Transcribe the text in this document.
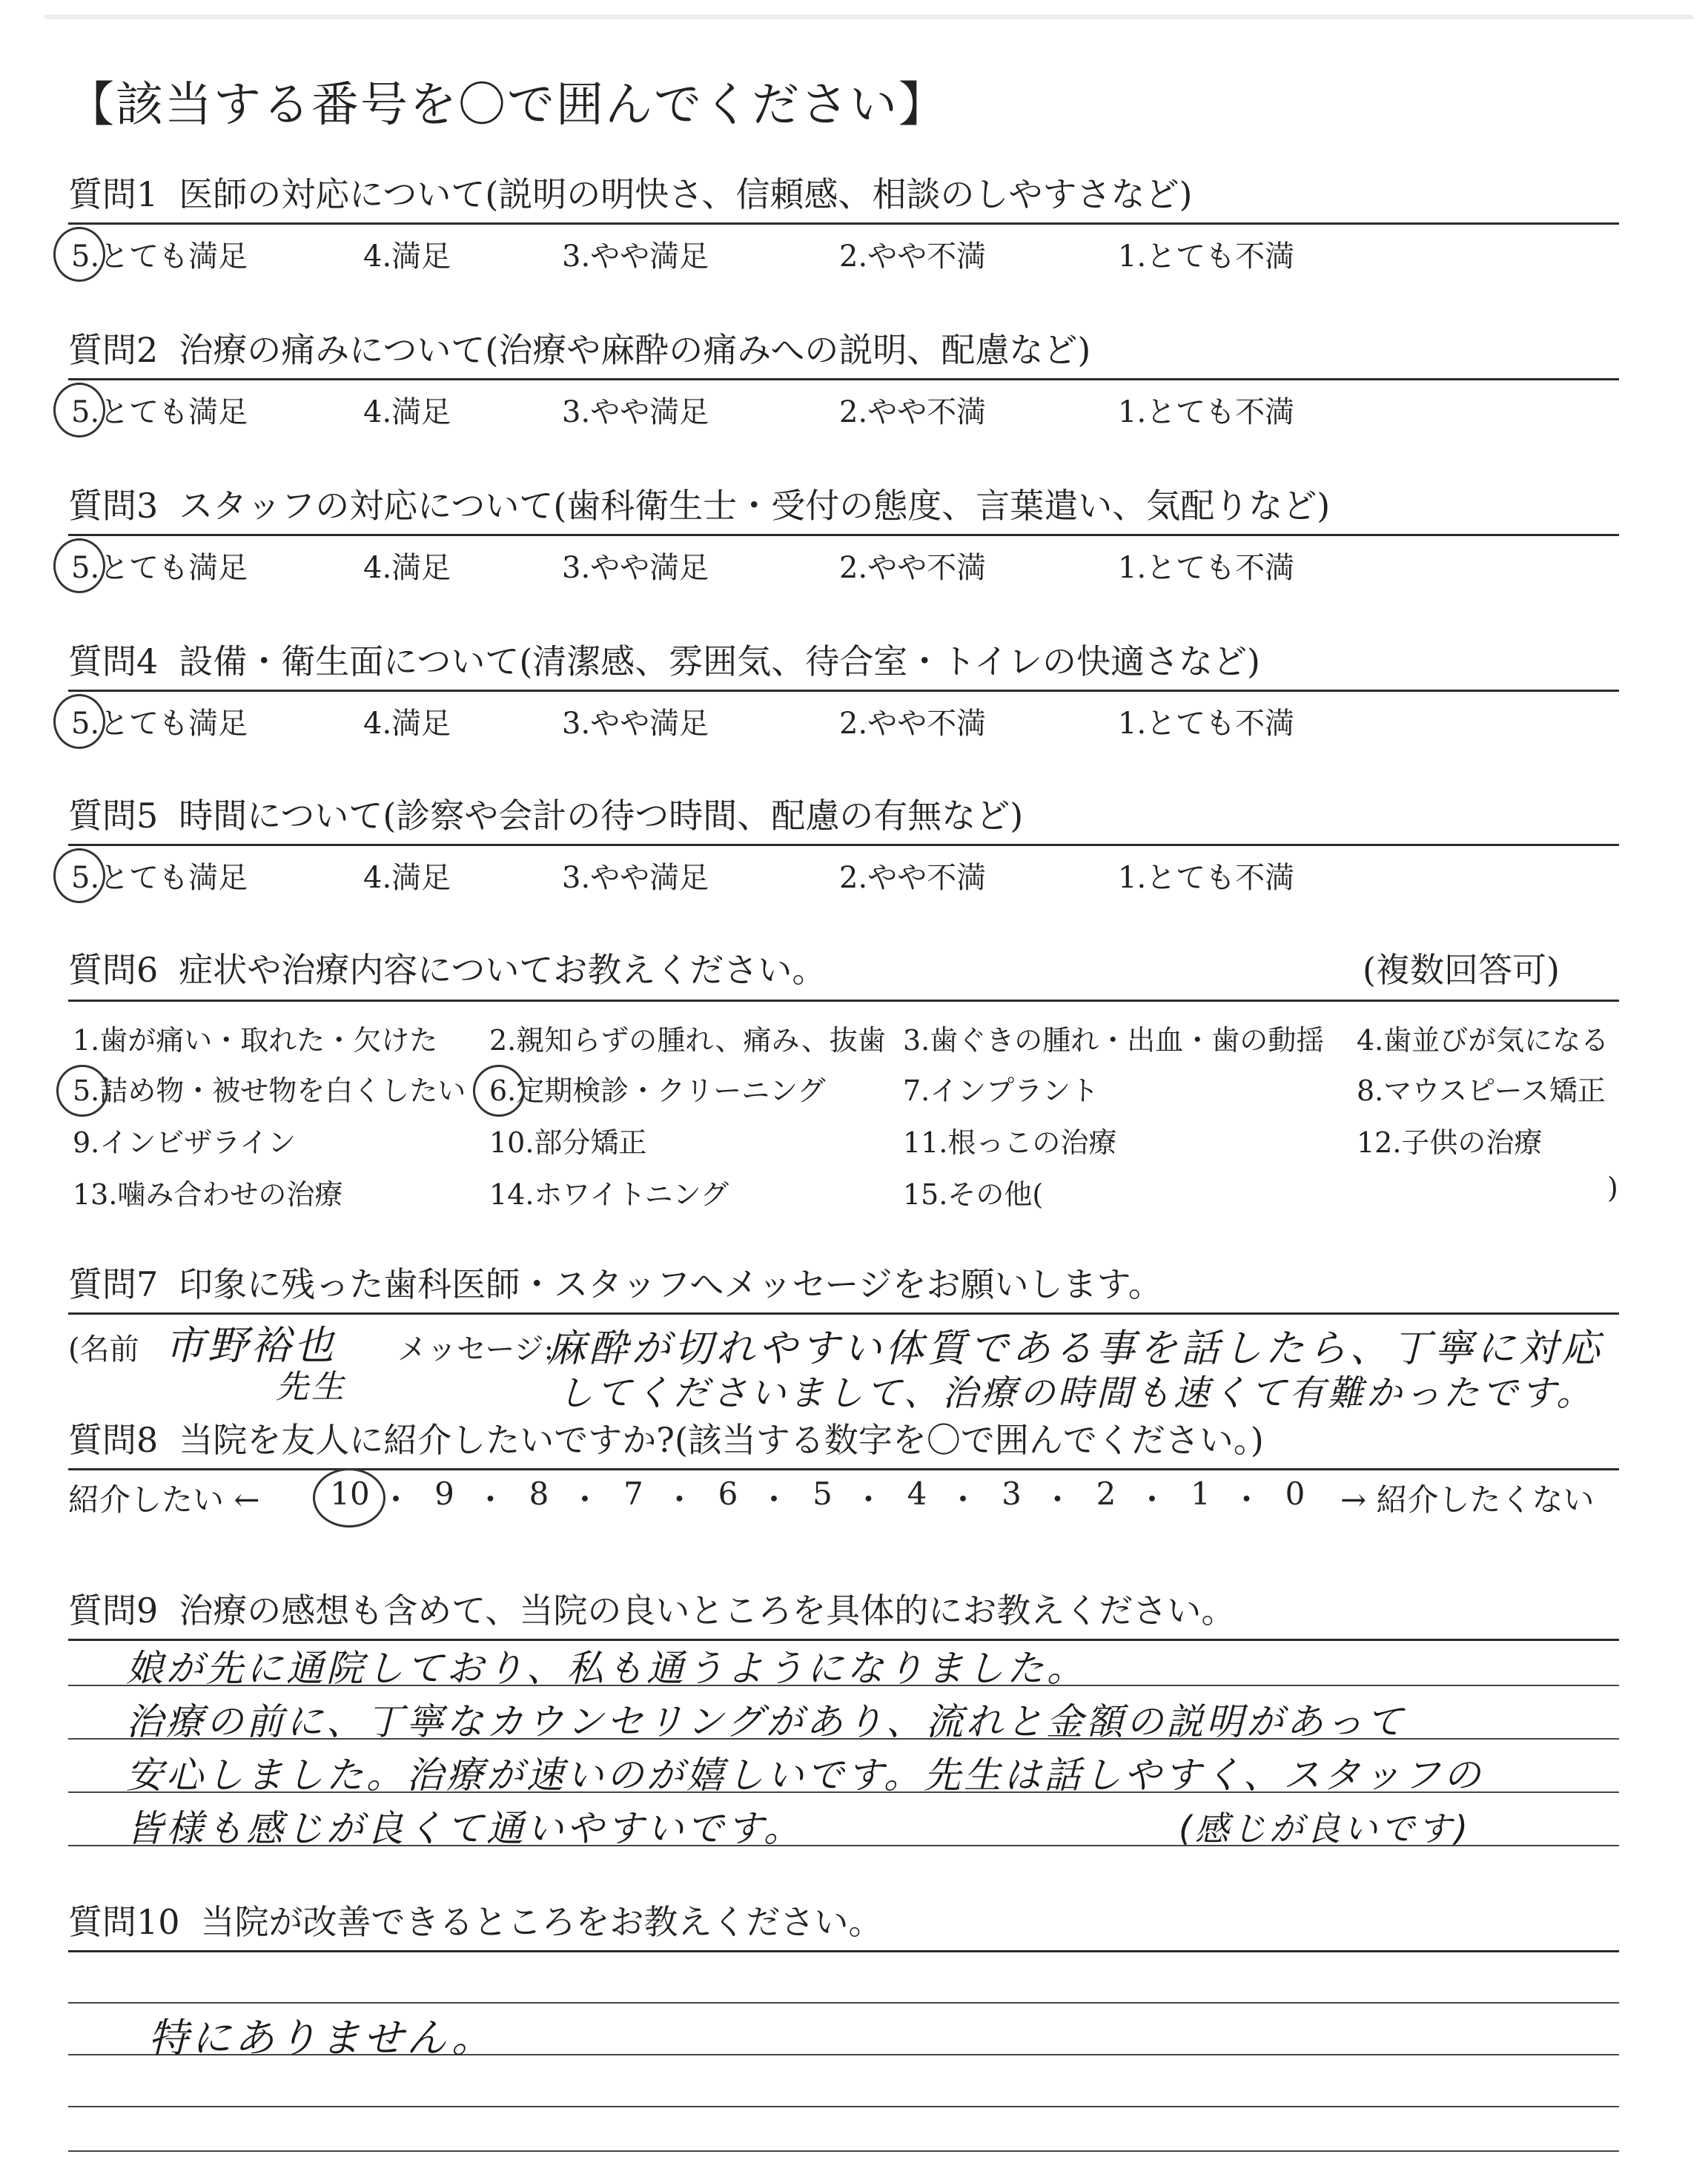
【該当する番号を〇で囲んでください】
質問1 医師の対応について(説明の明快さ、信頼感、相談のしやすさなど)
5.とても満足	4.満足	3.やや満足	2.やや不満	1.とても不満
質問2 治療の痛みについて(治療や麻酔の痛みへの説明、配慮など)
5.とても満足	4.満足	3.やや満足	2.やや不満	1.とても不満
質問3 スタッフの対応について(歯科衛生士・受付の態度、言葉遣い、気配りなど)
5.とても満足	4.満足	3.やや満足	2.やや不満	1.とても不満
質問4 設備・衛生面について(清潔感、雰囲気、待合室・トイレの快適さなど)
5.とても満足	4.満足	3.やや満足	2.やや不満	1.とても不満
質問5 時間について(診察や会計の待つ時間、配慮の有無など)
5.とても満足	4.満足	3.やや満足	2.やや不満	1.とても不満
質問6 症状や治療内容についてお教えください。	(複数回答可)
1.歯が痛い・取れた・欠けた 2.親知らずの腫れ、痛み、抜歯 3.歯ぐきの腫れ・出血・歯の動揺 4.歯並びが気になる
5.詰め物・被せ物を白くしたい 6.定期検診・クリーニング	7.インプラント	8.マウスピース矯正
9.インビザライン	10.部分矯正	11.根っこの治療	12.子供の治療
13.噛み合わせの治療	14.ホワイトニング	15.その他(	)
質問7 印象に残った歯科医師・スタッフへメッセージをお願いします。
(名前 市野裕也
先生
メッセージ:
麻酔が切れやすい体質である事を話したら、丁寧に対応
してくださいまして、治療の時間も速くて有難かったです。
質問8 当院を友人に紹介したいですか?(該当する数字を〇で囲んでください。)
紹介したい ← 10 ・ 9 ・ 8 ・ 7 ・ 6 ・ 5 ・ 4 ・ 3 ・ 2 ・ 1 ・ 0	→ 紹介したくない
質問9 治療の感想も含めて、当院の良いところを具体的にお教えください。
娘が先に通院しており、私も通うようになりました。
治療の前に、丁寧なカウンセリングがあり、流れと金額の説明があって
安心しました。治療が速いのが嬉しいです。先生は話しやすく、スタッフの
皆様も感じが良くて通いやすいです。	(感じが良いです)
質問10 当院が改善できるところをお教えください。
特にありません。
